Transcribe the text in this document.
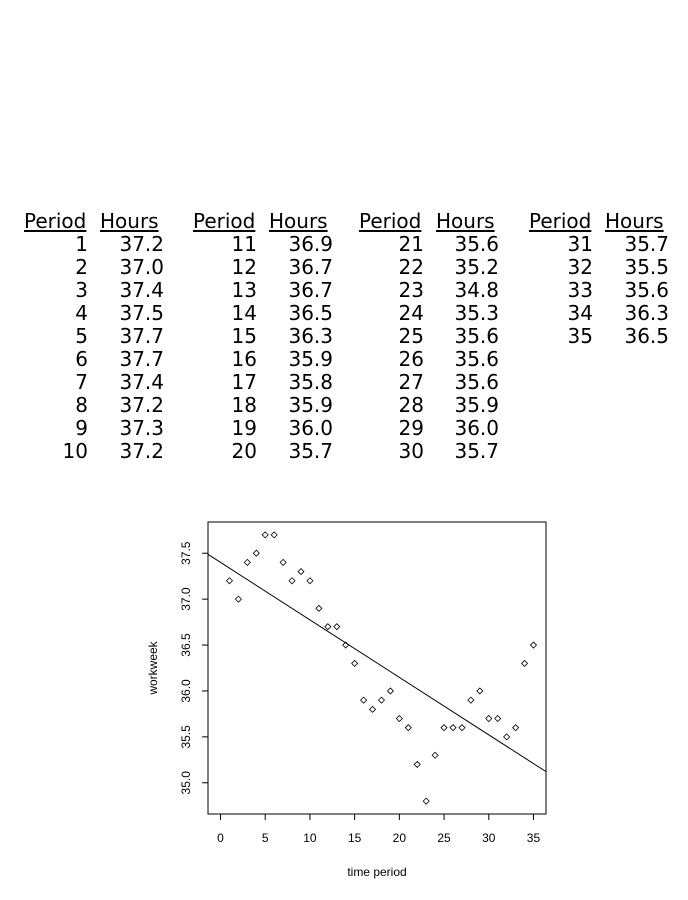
Period Hours
1	37.2
2	37.0
3	37.4
4	37.5
5	37.7
6	37.7
7	37.4
8	37.2
9	37.3
10	37.2
Period Hours
11	36.9
12	36.7
13	36.7
14	36.5
15	36.3
16	35.9
17	35.8
18	35.9
19	36.0
20	35.7
Period Hours
21	35.6
22	35.2
23	34.8
24	35.3
25	35.6
26	35.6
27	35.6
28	35.9
29	36.0
30	35.7
Period Hours
31	35.7
32	35.5
33	35.6
34	36.3
35	36.5
0	5	10	15	20	25	30	35
35.0
35.5
36.0
36.5
37.0
37.5
time period
workweek
